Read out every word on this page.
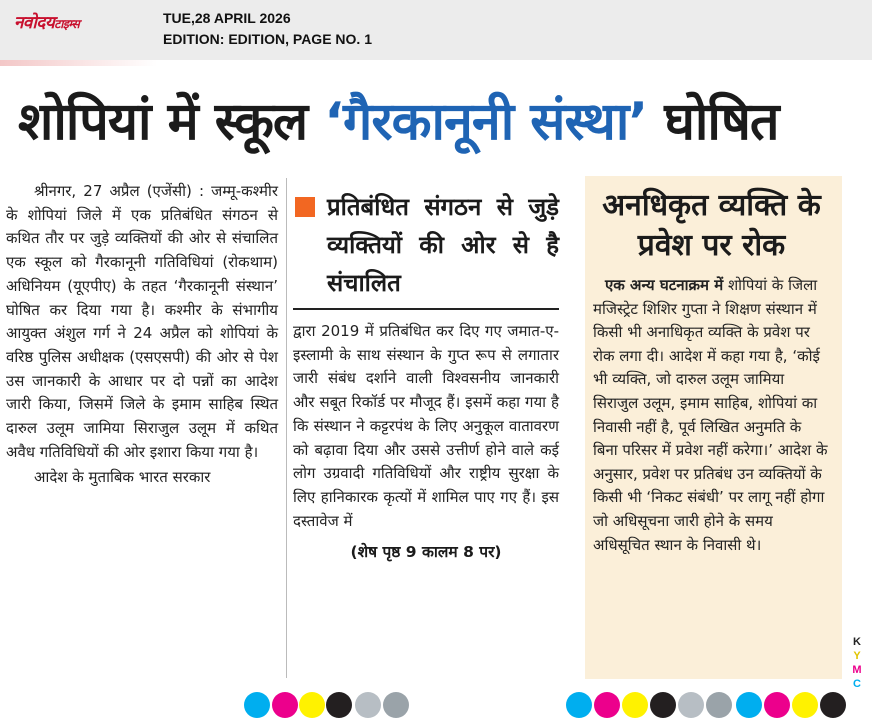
नवोदयटाइम्स	TUE,28 APRIL 2026
EDITION: EDITION, PAGE NO. 1
शोपियां में स्कूल ‘गैरकानूनी संस्था’ घोषित

श्रीनगर, 27 अप्रैल (एजेंसी) : जम्मू-कश्मीर के शोपियां जिले में एक प्रतिबंधित संगठन से कथित तौर पर जुड़े व्यक्तियों की ओर से संचालित एक स्कूल को गैरकानूनी गतिविधियां (रोकथाम) अधिनियम (यूएपीए) के तहत ‘गैरकानूनी संस्थान’ घोषित कर दिया गया है। कश्मीर के संभागीय आयुक्त अंशुल गर्ग ने 24 अप्रैल को शोपियां के वरिष्ठ पुलिस अधीक्षक (एसएसपी) की ओर से पेश उस जानकारी के आधार पर दो पन्नों का आदेश जारी किया, जिसमें जिले के इमाम साहिब स्थित दारुल उलूम जामिया सिराजुल उलूम में कथित अवैध गतिविधियों की ओर इशारा किया गया है।

आदेश के मुताबिक भारत सरकार

प्रतिबंधित संगठन से जुड़े व्यक्तियों की ओर से है संचालित

द्वारा 2019 में प्रतिबंधित कर दिए गए जमात-ए-इस्लामी के साथ संस्थान के गुप्त रूप से लगातार जारी संबंध दर्शाने वाली विश्वसनीय जानकारी और सबूत रिकॉर्ड पर मौजूद हैं। इसमें कहा गया है कि संस्थान ने कट्टरपंथ के लिए अनुकूल वातावरण को बढ़ावा दिया और उससे उत्तीर्ण होने वाले कई लोग उग्रवादी गतिविधियों और राष्ट्रीय सुरक्षा के लिए हानिकारक कृत्यों में शामिल पाए गए हैं। इस दस्तावेज में

(शेष पृष्ठ 9 कालम 8 पर)
अनधिकृत व्यक्ति के प्रवेश पर रोक

एक अन्य घटनाक्रम में शोपियां के जिला मजिस्ट्रेट शिशिर गुप्ता ने शिक्षण संस्थान में किसी भी अनाधिकृत व्यक्ति के प्रवेश पर रोक लगा दी। आदेश में कहा गया है, ‘कोई भी व्यक्ति, जो दारुल उलूम जामिया सिराजुल उलूम, इमाम साहिब, शोपियां का निवासी नहीं है, पूर्व लिखित अनुमति के बिना परिसर में प्रवेश नहीं करेगा।’ आदेश के अनुसार, प्रवेश पर प्रतिबंध उन व्यक्तियों के किसी भी ‘निकट संबंधी’ पर लागू नहीं होगा जो अधिसूचना जारी होने के समय अधिसूचित स्थान के निवासी थे।

K
Y
M
C
